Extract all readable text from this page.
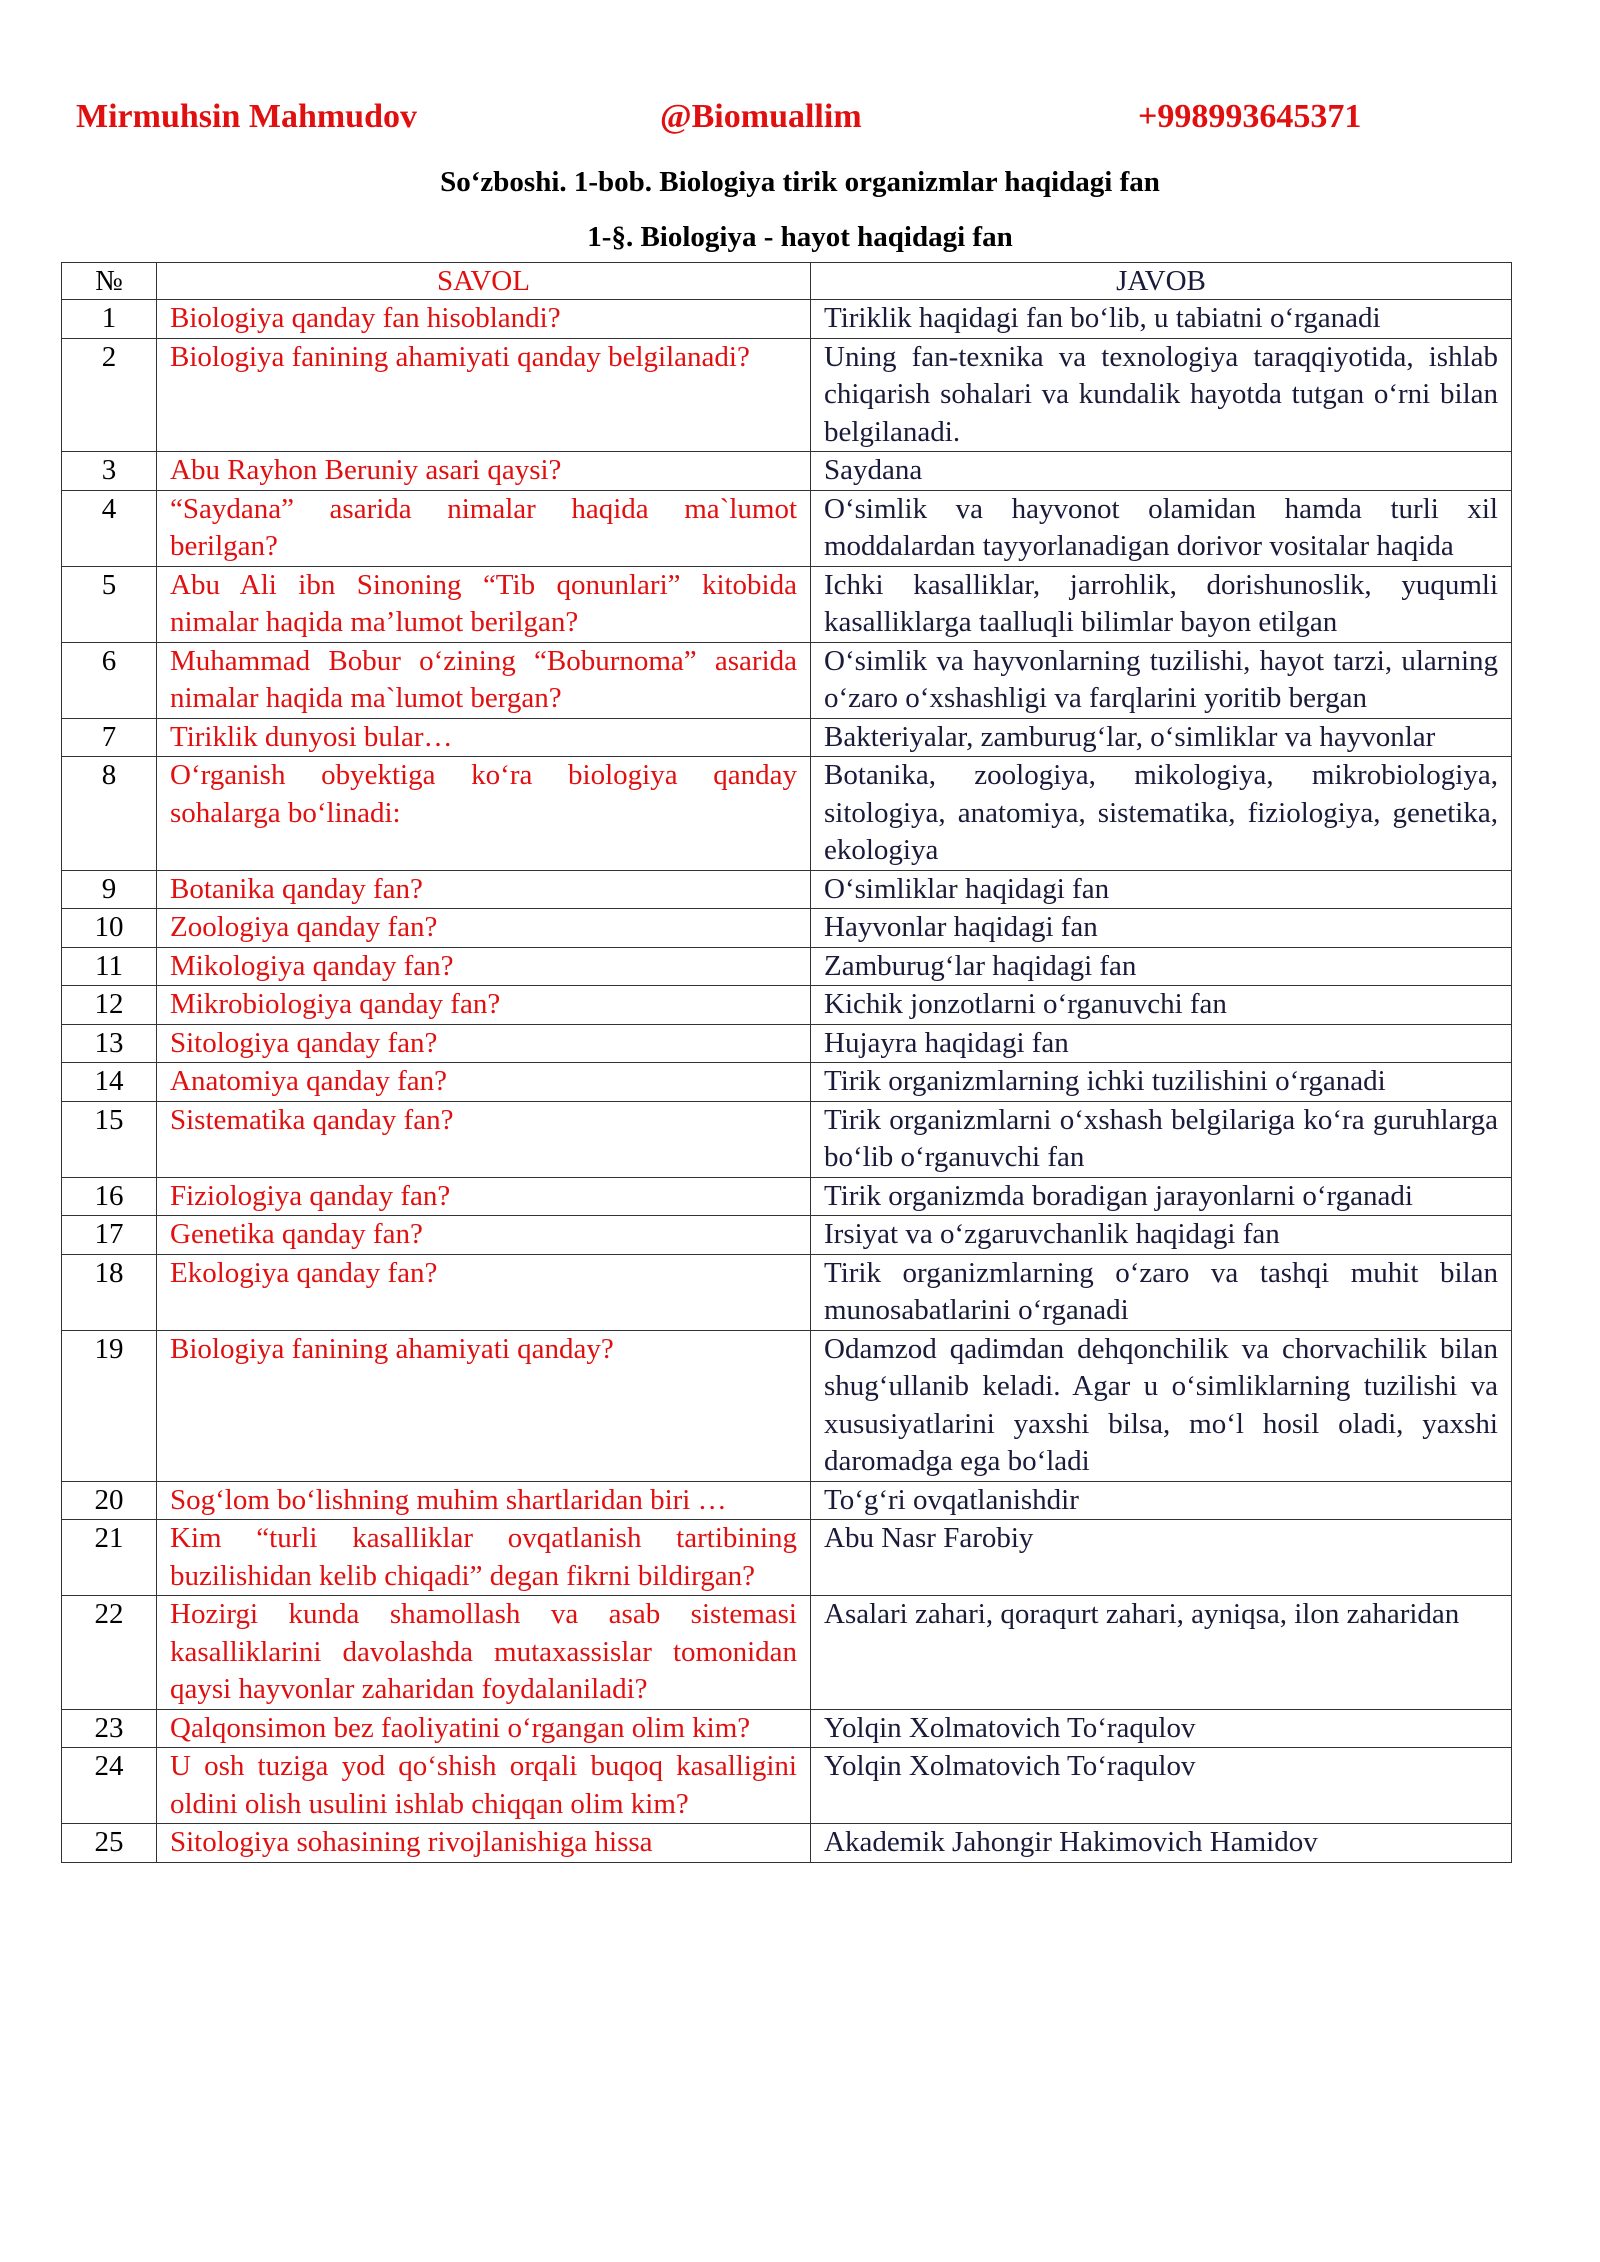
Mirmuhsin Mahmudov	@Biomuallim	+998993645371
So‘zboshi. 1-bob. Biologiya tirik organizmlar haqidagi fan
1-§. Biologiya - hayot haqidagi fan
№	SAVOL	JAVOB
1	Biologiya qanday fan hisoblandi?	Tiriklik haqidagi fan bo‘lib, u tabiatni o‘rganadi
2	Biologiya fanining ahamiyati qanday belgilanadi?	Uning fan-texnika va texnologiya taraqqiyotida, ishlab chiqarish sohalari va kundalik hayotda tutgan o‘rni bilan belgilanadi.
3	Abu Rayhon Beruniy asari qaysi?	Saydana
4	“Saydana” asarida nimalar haqida ma`lumot berilgan?	O‘simlik va hayvonot olamidan hamda turli xil moddalardan tayyorlanadigan dorivor vositalar haqida
5	Abu Ali ibn Sinoning “Tib qonunlari” kitobida nimalar haqida ma’lumot berilgan?	Ichki kasalliklar, jarrohlik, dorishunoslik, yuqumli kasalliklarga taalluqli bilimlar bayon etilgan
6	Muhammad Bobur o‘zining “Boburnoma” asarida nimalar haqida ma`lumot bergan?	O‘simlik va hayvonlarning tuzilishi, hayot tarzi, ularning o‘zaro o‘xshashligi va farqlarini yoritib bergan
7	Tiriklik dunyosi bular…	Bakteriyalar, zamburug‘lar, o‘simliklar va hayvonlar
8	O‘rganish obyektiga ko‘ra biologiya qanday sohalarga bo‘linadi:	Botanika, zoologiya, mikologiya, mikrobiologiya, sitologiya, anatomiya, sistematika, fiziologiya, genetika, ekologiya
9	Botanika qanday fan?	O‘simliklar haqidagi fan
10	Zoologiya qanday fan?	Hayvonlar haqidagi fan
11	Mikologiya qanday fan?	Zamburug‘lar haqidagi fan
12	Mikrobiologiya qanday fan?	Kichik jonzotlarni o‘rganuvchi fan
13	Sitologiya qanday fan?	Hujayra haqidagi fan
14	Anatomiya qanday fan?	Tirik organizmlarning ichki tuzilishini o‘rganadi
15	Sistematika qanday fan?	Tirik organizmlarni o‘xshash belgilariga ko‘ra guruhlarga bo‘lib o‘rganuvchi fan
16	Fiziologiya qanday fan?	Tirik organizmda boradigan jarayonlarni o‘rganadi
17	Genetika qanday fan?	Irsiyat va o‘zgaruvchanlik haqidagi fan
18	Ekologiya qanday fan?	Tirik organizmlarning o‘zaro va tashqi muhit bilan munosabatlarini o‘rganadi
19	Biologiya fanining ahamiyati qanday?	Odamzod qadimdan dehqonchilik va chorvachilik bilan shug‘ullanib keladi. Agar u o‘simliklarning tuzilishi va xususiyatlarini yaxshi bilsa, mo‘l hosil oladi, yaxshi daromadga ega bo‘ladi
20	Sog‘lom bo‘lishning muhim shartlaridan biri …	To‘g‘ri ovqatlanishdir
21	Kim “turli kasalliklar ovqatlanish tartibining buzilishidan kelib chiqadi” degan fikrni bildirgan?	Abu Nasr Farobiy
22	Hozirgi kunda shamollash va asab sistemasi kasalliklarini davolashda mutaxassislar tomonidan qaysi hayvonlar zaharidan foydalaniladi?	Asalari zahari, qoraqurt zahari, ayniqsa, ilon zaharidan
23	Qalqonsimon bez faoliyatini o‘rgangan olim kim?	Yolqin Xolmatovich To‘raqulov
24	U osh tuziga yod qo‘shish orqali buqoq kasalligini oldini olish usulini ishlab chiqqan olim kim?	Yolqin Xolmatovich To‘raqulov
25	Sitologiya sohasining rivojlanishiga hissa	Akademik Jahongir Hakimovich Hamidov
